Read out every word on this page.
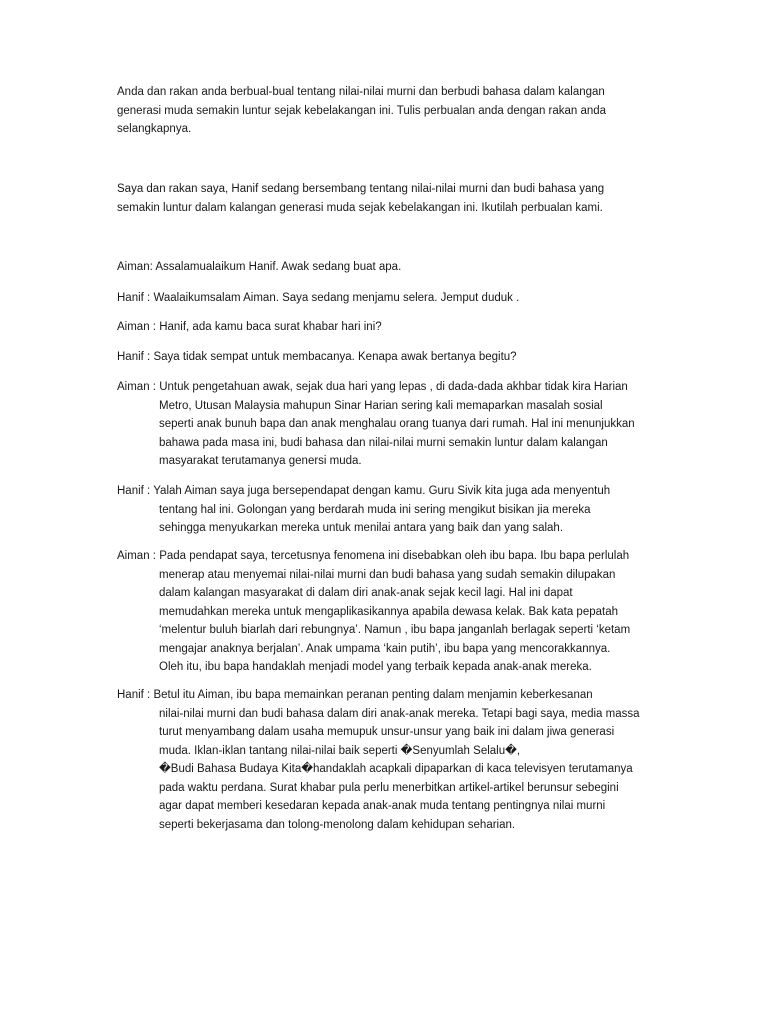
Anda dan rakan anda berbual-bual tentang nilai-nilai murni dan berbudi bahasa dalam kalangan
generasi muda semakin luntur sejak kebelakangan ini. Tulis perbualan anda dengan rakan anda
selangkapnya.
Saya dan rakan saya, Hanif sedang bersembang tentang nilai-nilai murni dan budi bahasa yang
semakin luntur dalam kalangan generasi muda sejak kebelakangan ini. Ikutilah perbualan kami.
Aiman: Assalamualaikum Hanif. Awak sedang buat apa.
Hanif : Waalaikumsalam Aiman. Saya sedang menjamu selera. Jemput duduk .
Aiman : Hanif, ada kamu baca surat khabar hari ini?
Hanif : Saya tidak sempat untuk membacanya. Kenapa awak bertanya begitu?
Aiman : Untuk pengetahuan awak, sejak dua hari yang lepas , di dada-dada akhbar tidak kira Harian
Metro, Utusan Malaysia mahupun Sinar Harian sering kali memaparkan masalah sosial
seperti anak bunuh bapa dan anak menghalau orang tuanya dari rumah. Hal ini menunjukkan
bahawa pada masa ini, budi bahasa dan nilai-nilai murni semakin luntur dalam kalangan
masyarakat terutamanya genersi muda.
Hanif : Yalah Aiman saya juga bersependapat dengan kamu. Guru Sivik kita juga ada menyentuh
tentang hal ini. Golongan yang berdarah muda ini sering mengikut bisikan jia mereka
sehingga menyukarkan mereka untuk menilai antara yang baik dan yang salah.
Aiman : Pada pendapat saya, tercetusnya fenomena ini disebabkan oleh ibu bapa. Ibu bapa perlulah
menerap atau menyemai nilai-nilai murni dan budi bahasa yang sudah semakin dilupakan
dalam kalangan masyarakat di dalam diri anak-anak sejak kecil lagi. Hal ini dapat
memudahkan mereka untuk mengaplikasikannya apabila dewasa kelak. Bak kata pepatah
‘melentur buluh biarlah dari rebungnya’. Namun , ibu bapa janganlah berlagak seperti ‘ketam
mengajar anaknya berjalan’. Anak umpama ‘kain putih’, ibu bapa yang mencorakkannya.
Oleh itu, ibu bapa handaklah menjadi model yang terbaik kepada anak-anak mereka.
Hanif : Betul itu Aiman, ibu bapa memainkan peranan penting dalam menjamin keberkesanan
nilai-nilai murni dan budi bahasa dalam diri anak-anak mereka. Tetapi bagi saya, media massa
turut menyambang dalam usaha memupuk unsur-unsur yang baik ini dalam jiwa generasi
muda. Iklan-iklan tantang nilai-nilai baik seperti �Senyumlah Selalu�,
�Budi Bahasa Budaya Kita�handaklah acapkali dipaparkan di kaca televisyen terutamanya
pada waktu perdana. Surat khabar pula perlu menerbitkan artikel-artikel berunsur sebegini
agar dapat memberi kesedaran kepada anak-anak muda tentang pentingnya nilai murni
seperti bekerjasama dan tolong-menolong dalam kehidupan seharian.
